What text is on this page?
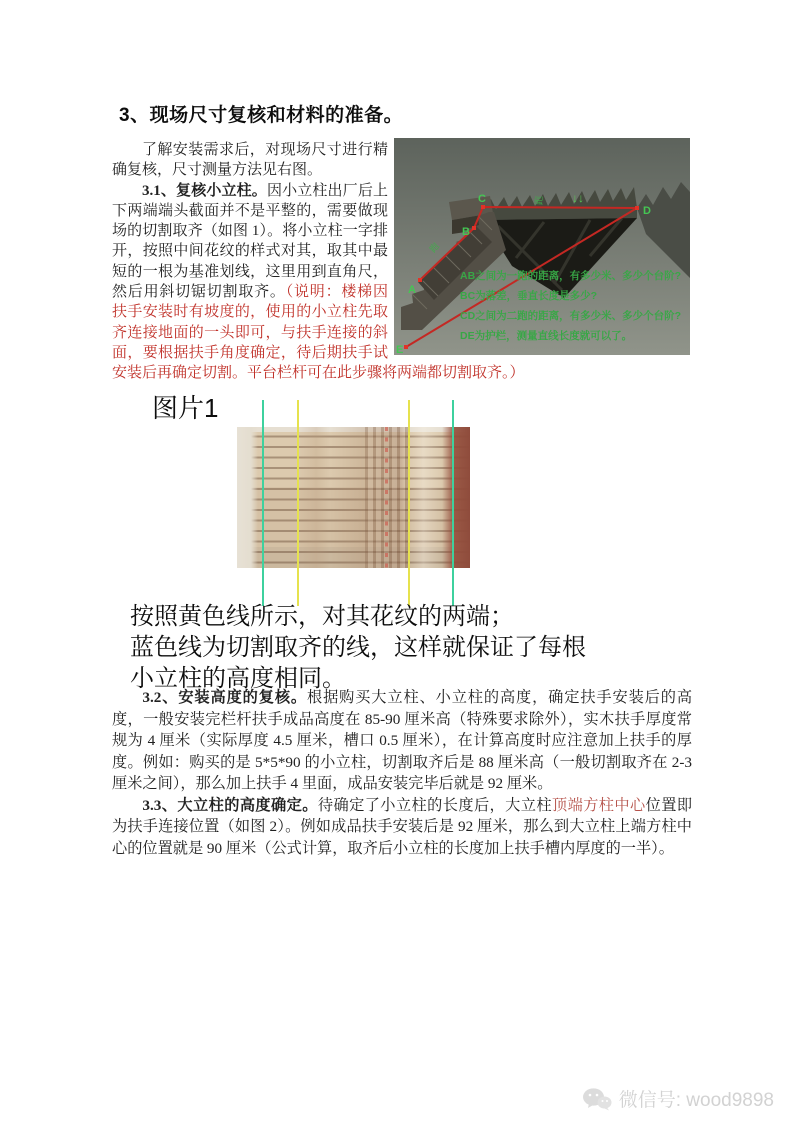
3、现场尺寸复核和材料的准备。
A
B
C
D
E
跑
跑 ↓↓
AB之间为一跑的距离，有多少米、多少个台阶?
BC为落差，垂直长度是多少?
CD之间为二跑的距离，有多少米、多少个台阶?
DE为护栏，测量直线长度就可以了。

了解安装需求后，对现场尺寸进行精确复核，尺寸测量方法见右图。

3.1、复核小立柱。因小立柱出厂后上下两端端头截面并不是平整的，需要做现场的切割取齐（如图 1）。将小立柱一字排开，按照中间花纹的样式对其，取其中最短的一根为基准划线，这里用到直角尺，然后用斜切锯切割取齐。（说明：楼梯因扶手安装时有坡度的，使用的小立柱先取齐连接地面的一头即可，与扶手连接的斜面，要根据扶手角度确定，待后期扶手试安装后再确定切割。平台栏杆可在此步骤将两端都切割取齐。）

图片1
按照黄色线所示，对其花纹的两端；
蓝色线为切割取齐的线，这样就保证了每根
小立柱的高度相同。

3.2、安装高度的复核。根据购买大立柱、小立柱的高度，确定扶手安装后的高度，一般安装完栏杆扶手成品高度在 85-90 厘米高（特殊要求除外），实木扶手厚度常规为 4 厘米（实际厚度 4.5 厘米，槽口 0.5 厘米），在计算高度时应注意加上扶手的厚度。例如：购买的是 5*5*90 的小立柱，切割取齐后是 88 厘米高（一般切割取齐在 2-3 厘米之间），那么加上扶手 4 里面，成品安装完毕后就是 92 厘米。

3.3、大立柱的高度确定。待确定了小立柱的长度后，大立柱顶端方柱中心位置即为扶手连接位置（如图 2）。例如成品扶手安装后是 92 厘米，那么到大立柱上端方柱中心的位置就是 90 厘米（公式计算，取齐后小立柱的长度加上扶手槽内厚度的一半）。

微信号: wood9898
